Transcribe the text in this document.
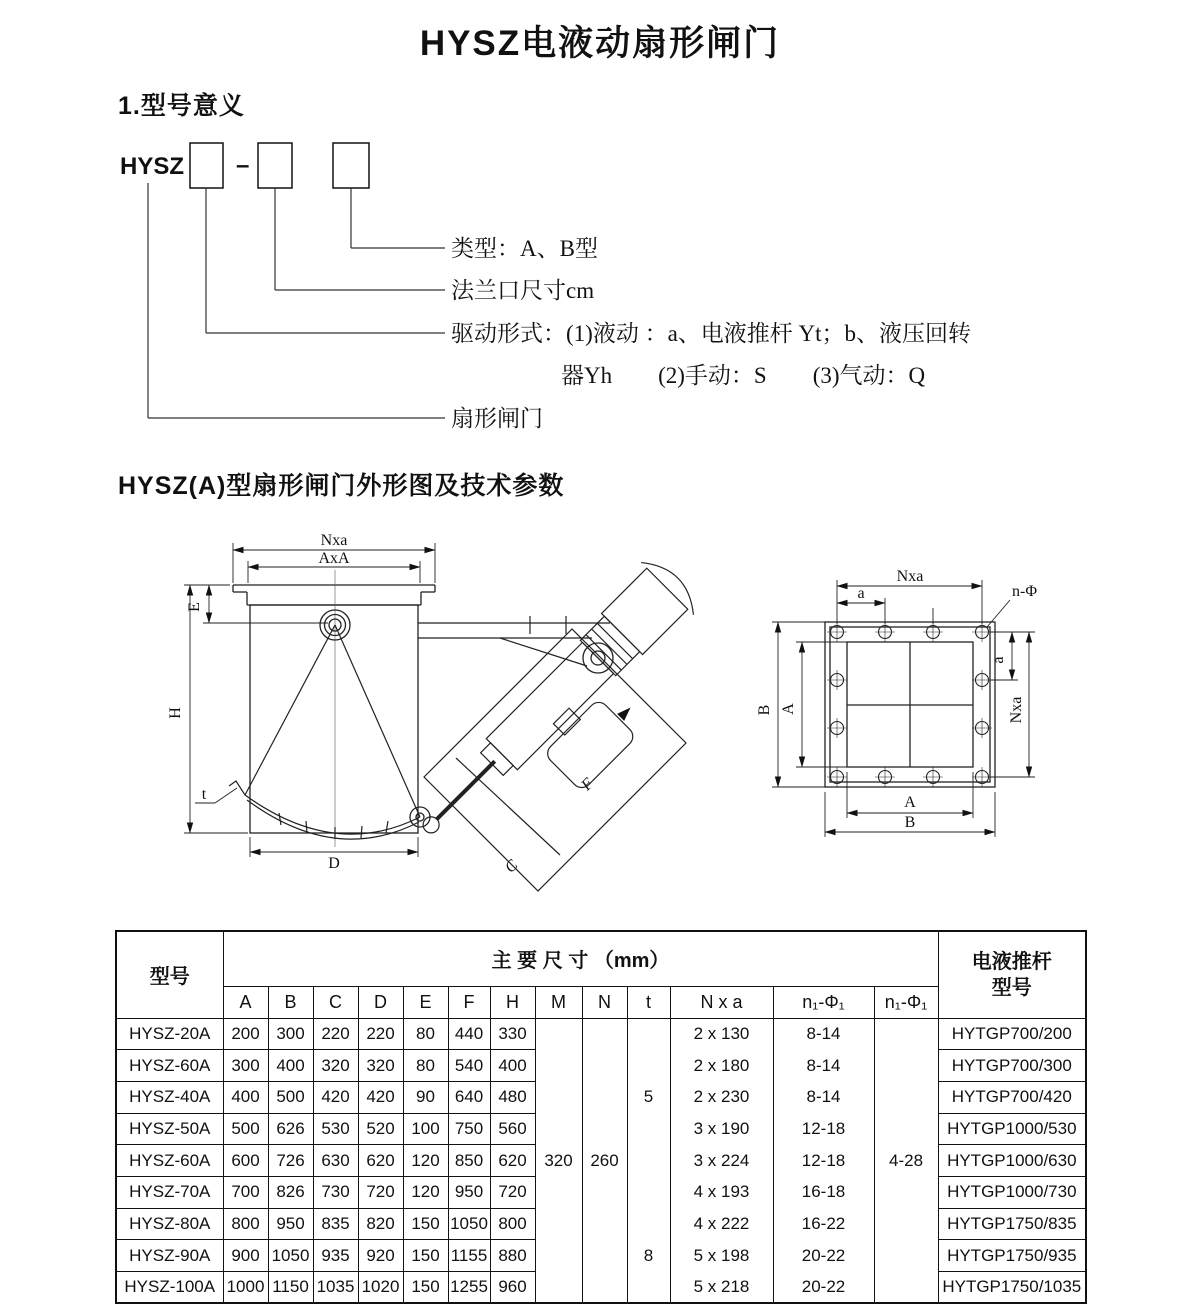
HYSZ电液动扇形闸门
1.型号意义
HYSZ(A)型扇形闸门外形图及技术参数
HYSZ –
类型：A、B型
法兰口尺寸cm
驱动形式：(1)液动 ：a、电液推杆 Yt；b、液压回转
器Yh　　(2)手动：S　　(3)气动：Q
扇形闸门
Nxa
AxA
E
H
t
D
F
C
Nxa
a	n-Φ
B A
a
Nxa
A
B
型号	主 要 尺 寸 （mm）													电液推杆
型号

	A	B	C	D	E	F	H	M	N	t	N x a	n₁-Φ₁	n₁-Φ₁	
HYSZ-20A	200	300	220	220	80	440	330				2 x 130	8-14		HYTGP700/200
HYSZ-60A	300	400	320	320	80	540	400				2 x 180	8-14		HYTGP700/300
HYSZ-40A	400	500	420	420	90	640	480			5	2 x 230	8-14		HYTGP700/420
HYSZ-50A	500	626	530	520	100	750	560				3 x 190	12-18		HYTGP1000/530
HYSZ-60A	600	726	630	620	120	850	620	320	260		3 x 224	12-18	4-28	HYTGP1000/630
HYSZ-70A	700	826	730	720	120	950	720				4 x 193	16-18		HYTGP1000/730
HYSZ-80A	800	950	835	820	150	1050	800				4 x 222	16-22		HYTGP1750/835
HYSZ-90A	900	1050	935	920	150	1155	880			8	5 x 198	20-22		HYTGP1750/935
HYSZ-100A	1000	1150	1035	1020	150	1255	960				5 x 218	20-22		HYTGP1750/1035
